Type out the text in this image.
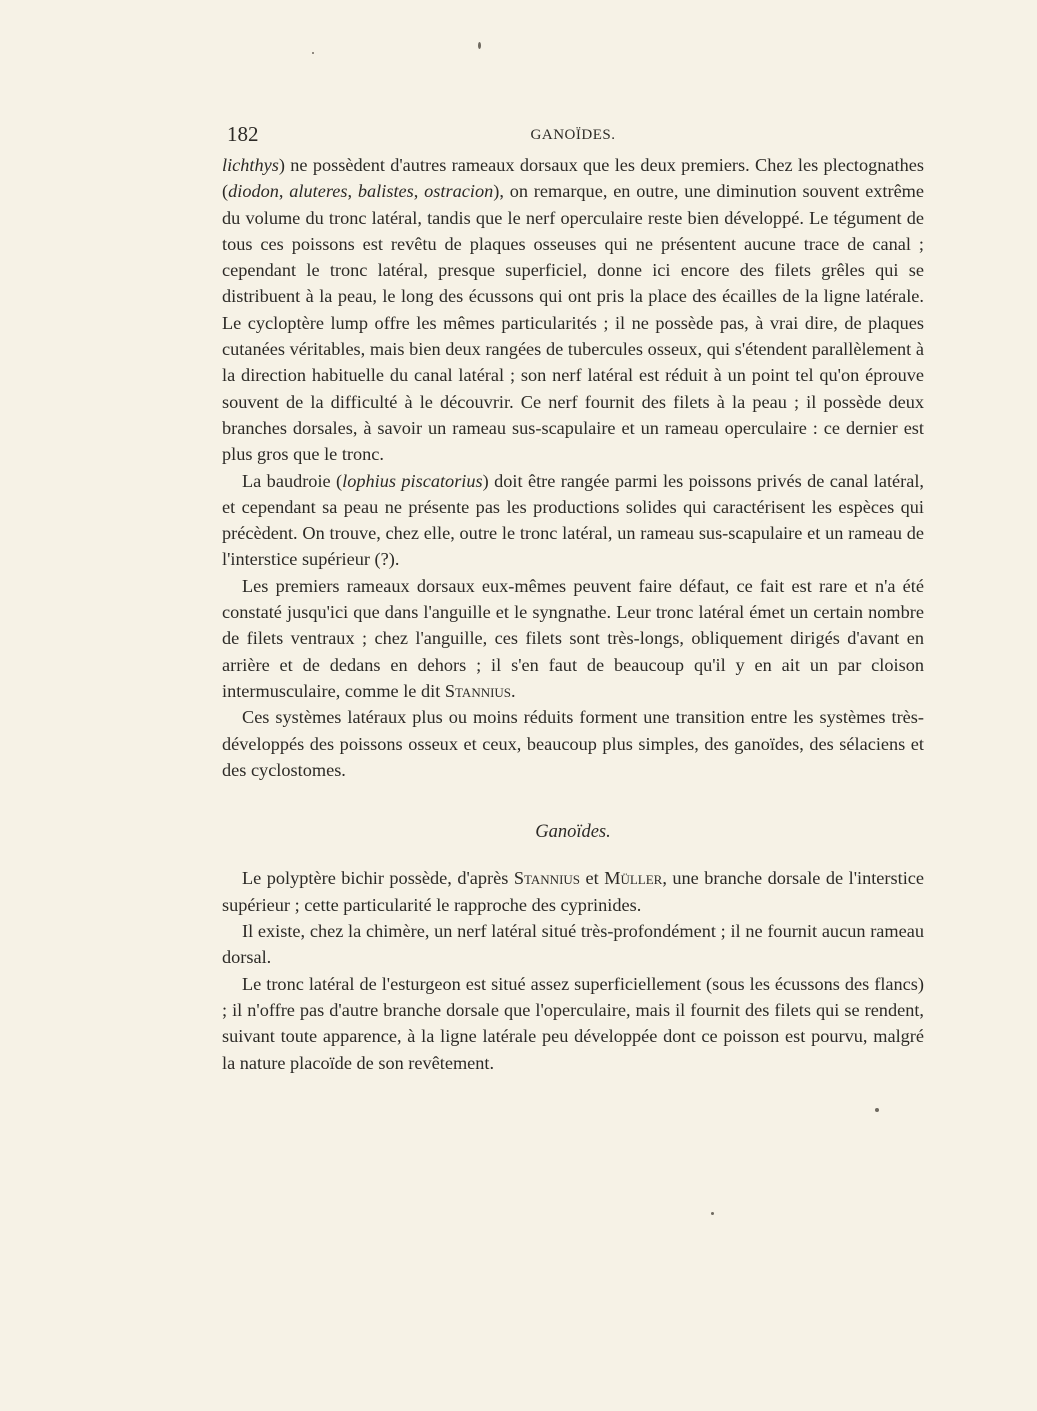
182	GANOÏDES.

lichthys) ne possèdent d'autres rameaux dorsaux que les deux premiers. Chez les plectognathes (diodon, aluteres, balistes, ostracion), on remarque, en outre, une diminution souvent extrême du volume du tronc latéral, tandis que le nerf operculaire reste bien développé. Le tégument de tous ces poissons est revêtu de plaques osseuses qui ne présentent aucune trace de canal ; cependant le tronc latéral, presque superficiel, donne ici encore des filets grêles qui se distribuent à la peau, le long des écussons qui ont pris la place des écailles de la ligne latérale. Le cycloptère lump offre les mêmes particularités ; il ne possède pas, à vrai dire, de plaques cutanées véritables, mais bien deux rangées de tubercules osseux, qui s'étendent parallèlement à la direction habituelle du canal latéral ; son nerf latéral est réduit à un point tel qu'on éprouve souvent de la difficulté à le découvrir. Ce nerf fournit des filets à la peau ; il possède deux branches dorsales, à savoir un rameau sus-scapulaire et un rameau operculaire : ce dernier est plus gros que le tronc.

La baudroie (lophius piscatorius) doit être rangée parmi les poissons privés de canal latéral, et cependant sa peau ne présente pas les productions solides qui caractérisent les espèces qui précèdent. On trouve, chez elle, outre le tronc latéral, un rameau sus-scapulaire et un rameau de l'interstice supérieur (?).

Les premiers rameaux dorsaux eux-mêmes peuvent faire défaut, ce fait est rare et n'a été constaté jusqu'ici que dans l'anguille et le syngnathe. Leur tronc latéral émet un certain nombre de filets ventraux ; chez l'anguille, ces filets sont très-longs, obliquement dirigés d'avant en arrière et de dedans en dehors ; il s'en faut de beaucoup qu'il y en ait un par cloison intermusculaire, comme le dit Stannius.

Ces systèmes latéraux plus ou moins réduits forment une transition entre les systèmes très-développés des poissons osseux et ceux, beaucoup plus simples, des ganoïdes, des sélaciens et des cyclostomes.

Ganoïdes.

Le polyptère bichir possède, d'après Stannius et Müller, une branche dorsale de l'interstice supérieur ; cette particularité le rapproche des cyprinides.

Il existe, chez la chimère, un nerf latéral situé très-profondément ; il ne fournit aucun rameau dorsal.

Le tronc latéral de l'esturgeon est situé assez superficiellement (sous les écussons des flancs) ; il n'offre pas d'autre branche dorsale que l'operculaire, mais il fournit des filets qui se rendent, suivant toute apparence, à la ligne latérale peu développée dont ce poisson est pourvu, malgré la nature placoïde de son revêtement.
